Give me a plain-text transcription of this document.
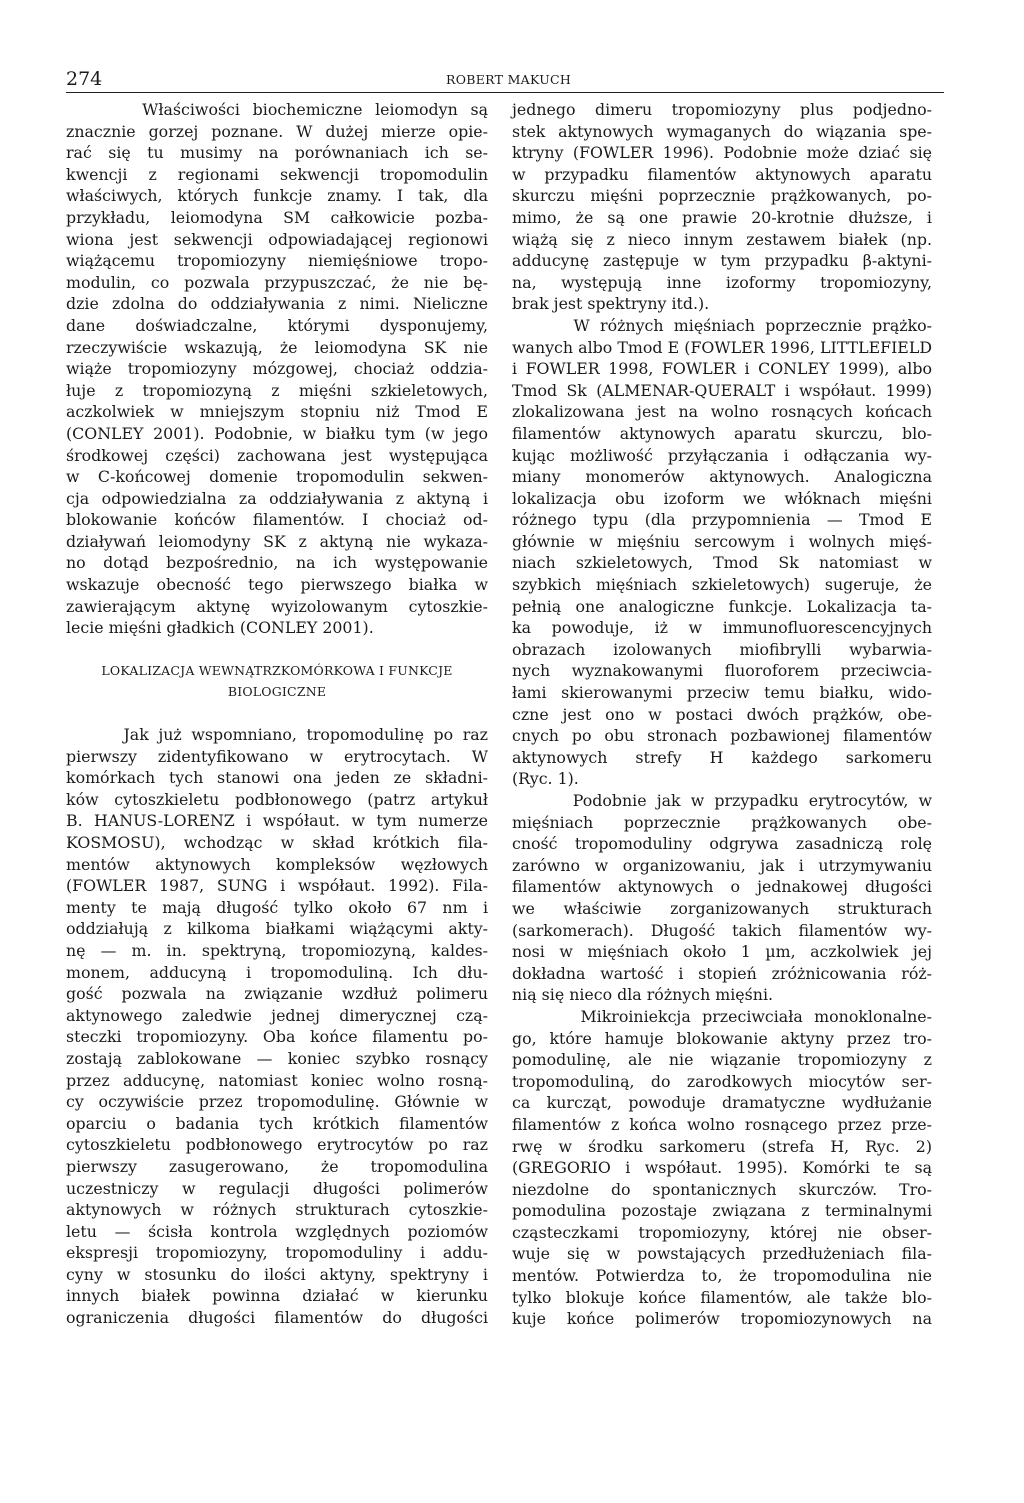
274	ROBERT MAKUCH
Właściwości biochemiczne leiomodyn są
znacznie gorzej poznane. W dużej mierze opie-
rać się tu musimy na porównaniach ich se-
kwencji z regionami sekwencji tropomodulin
właściwych, których funkcje znamy. I tak, dla
przykładu, leiomodyna SM całkowicie pozba-
wiona jest sekwencji odpowiadającej regionowi
wiążącemu tropomiozyny niemięśniowe tropo-
modulin, co pozwala przypuszczać, że nie bę-
dzie zdolna do oddziaływania z nimi. Nieliczne
dane doświadczalne, którymi dysponujemy,
rzeczywiście wskazują, że leiomodyna SK nie
wiąże tropomiozyny mózgowej, chociaż oddzia-
łuje z tropomiozyną z mięśni szkieletowych,
aczkolwiek w mniejszym stopniu niż Tmod E
(CONLEY 2001). Podobnie, w białku tym (w jego
środkowej części) zachowana jest występująca
w C-końcowej domenie tropomodulin sekwen-
cja odpowiedzialna za oddziaływania z aktyną i
blokowanie końców filamentów. I chociaż od-
działywań leiomodyny SK z aktyną nie wykaza-
no dotąd bezpośrednio, na ich występowanie
wskazuje obecność tego pierwszego białka w
zawierającym aktynę wyizolowanym cytoszkie-
lecie mięśni gładkich (CONLEY 2001).
LOKALIZACJA WEWNĄTRZKOMÓRKOWA I FUNKCJE
BIOLOGICZNE
Jak już wspomniano, tropomodulinę po raz
pierwszy zidentyfikowano w erytrocytach. W
komórkach tych stanowi ona jeden ze składni-
ków cytoszkieletu podbłonowego (patrz artykuł
B. HANUS-LORENZ i współaut. w tym numerze
KOSMOSU), wchodząc w skład krótkich fila-
mentów aktynowych kompleksów węzłowych
(FOWLER 1987, SUNG i współaut. 1992). Fila-
menty te mają długość tylko około 67 nm i
oddziałują z kilkoma białkami wiążącymi akty-
nę — m. in. spektryną, tropomiozyną, kaldes-
monem, adducyną i tropomoduliną. Ich dłu-
gość pozwala na związanie wzdłuż polimeru
aktynowego zaledwie jednej dimerycznej czą-
steczki tropomiozyny. Oba końce filamentu po-
zostają zablokowane — koniec szybko rosnący
przez adducynę, natomiast koniec wolno rosną-
cy oczywiście przez tropomodulinę. Głównie w
oparciu o badania tych krótkich filamentów
cytoszkieletu podbłonowego erytrocytów po raz
pierwszy zasugerowano, że tropomodulina
uczestniczy w regulacji długości polimerów
aktynowych w różnych strukturach cytoszkie-
letu — ścisła kontrola względnych poziomów
ekspresji tropomiozyny, tropomoduliny i addu-
cyny w stosunku do ilości aktyny, spektryny i
innych białek powinna działać w kierunku
ograniczenia długości filamentów do długości
jednego dimeru tropomiozyny plus podjedno-
stek aktynowych wymaganych do wiązania spe-
ktryny (FOWLER 1996). Podobnie może dziać się
w przypadku filamentów aktynowych aparatu
skurczu mięśni poprzecznie prążkowanych, po-
mimo, że są one prawie 20-krotnie dłuższe, i
wiążą się z nieco innym zestawem białek (np.
adducynę zastępuje w tym przypadku β-aktyni-
na, występują inne izoformy tropomiozyny,
brak jest spektryny itd.).
W różnych mięśniach poprzecznie prążko-
wanych albo Tmod E (FOWLER 1996, LITTLEFIELD
i FOWLER 1998, FOWLER i CONLEY 1999), albo
Tmod Sk (ALMENAR-QUERALT i współaut. 1999)
zlokalizowana jest na wolno rosnących końcach
filamentów aktynowych aparatu skurczu, blo-
kując możliwość przyłączania i odłączania wy-
miany monomerów aktynowych. Analogiczna
lokalizacja obu izoform we włóknach mięśni
różnego typu (dla przypomnienia — Tmod E
głównie w mięśniu sercowym i wolnych mięś-
niach szkieletowych, Tmod Sk natomiast w
szybkich mięśniach szkieletowych) sugeruje, że
pełnią one analogiczne funkcje. Lokalizacja ta-
ka powoduje, iż w immunofluorescencyjnych
obrazach izolowanych miofibrylli wybarwia-
nych wyznakowanymi fluoroforem przeciwcia-
łami skierowanymi przeciw temu białku, wido-
czne jest ono w postaci dwóch prążków, obe-
cnych po obu stronach pozbawionej filamentów
aktynowych strefy H każdego sarkomeru
(Ryc. 1).
Podobnie jak w przypadku erytrocytów, w
mięśniach poprzecznie prążkowanych obe-
cność tropomoduliny odgrywa zasadniczą rolę
zarówno w organizowaniu, jak i utrzymywaniu
filamentów aktynowych o jednakowej długości
we właściwie zorganizowanych strukturach
(sarkomerach). Długość takich filamentów wy-
nosi w mięśniach około 1 µm, aczkolwiek jej
dokładna wartość i stopień zróżnicowania róż-
nią się nieco dla różnych mięśni.
Mikroiniekcja przeciwciała monoklonalne-
go, które hamuje blokowanie aktyny przez tro-
pomodulinę, ale nie wiązanie tropomiozyny z
tropomoduliną, do zarodkowych miocytów ser-
ca kurcząt, powoduje dramatyczne wydłużanie
filamentów z końca wolno rosnącego przez prze-
rwę w środku sarkomeru (strefa H, Ryc. 2)
(GREGORIO i współaut. 1995). Komórki te są
niezdolne do spontanicznych skurczów. Tro-
pomodulina pozostaje związana z terminalnymi
cząsteczkami tropomiozyny, której nie obser-
wuje się w powstających przedłużeniach fila-
mentów. Potwierdza to, że tropomodulina nie
tylko blokuje końce filamentów, ale także blo-
kuje końce polimerów tropomiozynowych na
